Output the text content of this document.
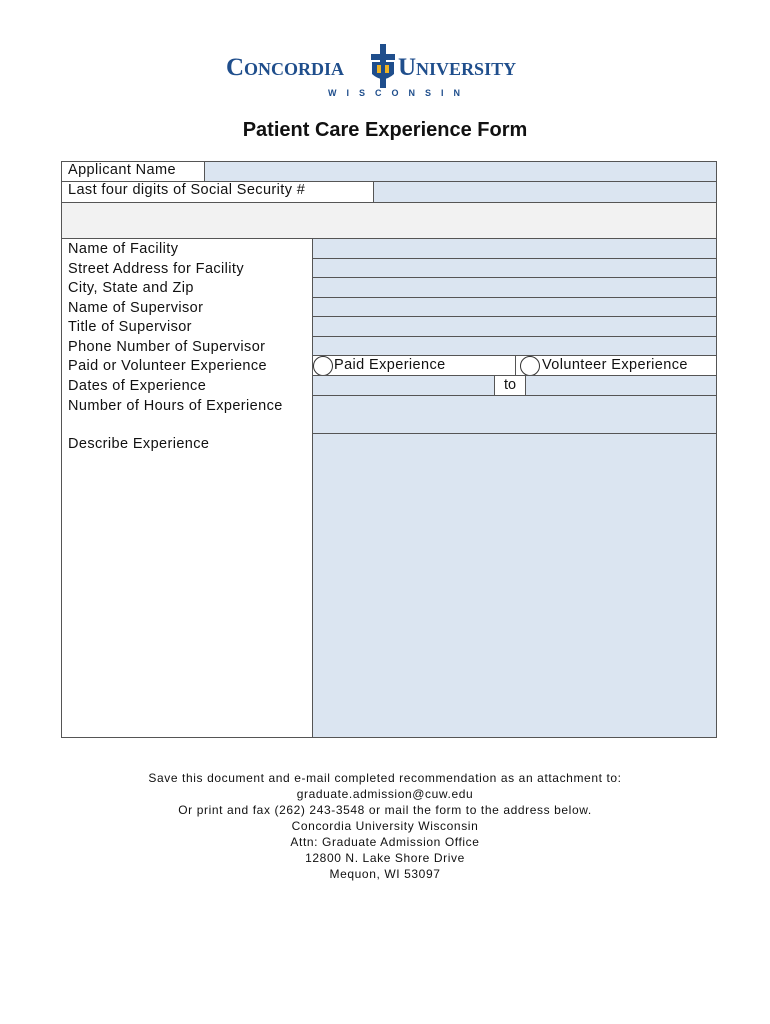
Concordia University
WISCONSIN
Patient Care Experience Form
Applicant Name
Last four digits of Social Security #
Name of Facility
Street Address for Facility
City, State and Zip
Name of Supervisor
Title of Supervisor
Phone Number of Supervisor
Paid or Volunteer Experience
Dates of Experience
Number of Hours of Experience
Describe Experience
Paid Experience	Volunteer Experience
to
Save this document and e-mail completed recommendation as an attachment to:
graduate.admission@cuw.edu
Or print and fax (262) 243-3548 or mail the form to the address below.
Concordia University Wisconsin
Attn: Graduate Admission Office
12800 N. Lake Shore Drive
Mequon, WI 53097
